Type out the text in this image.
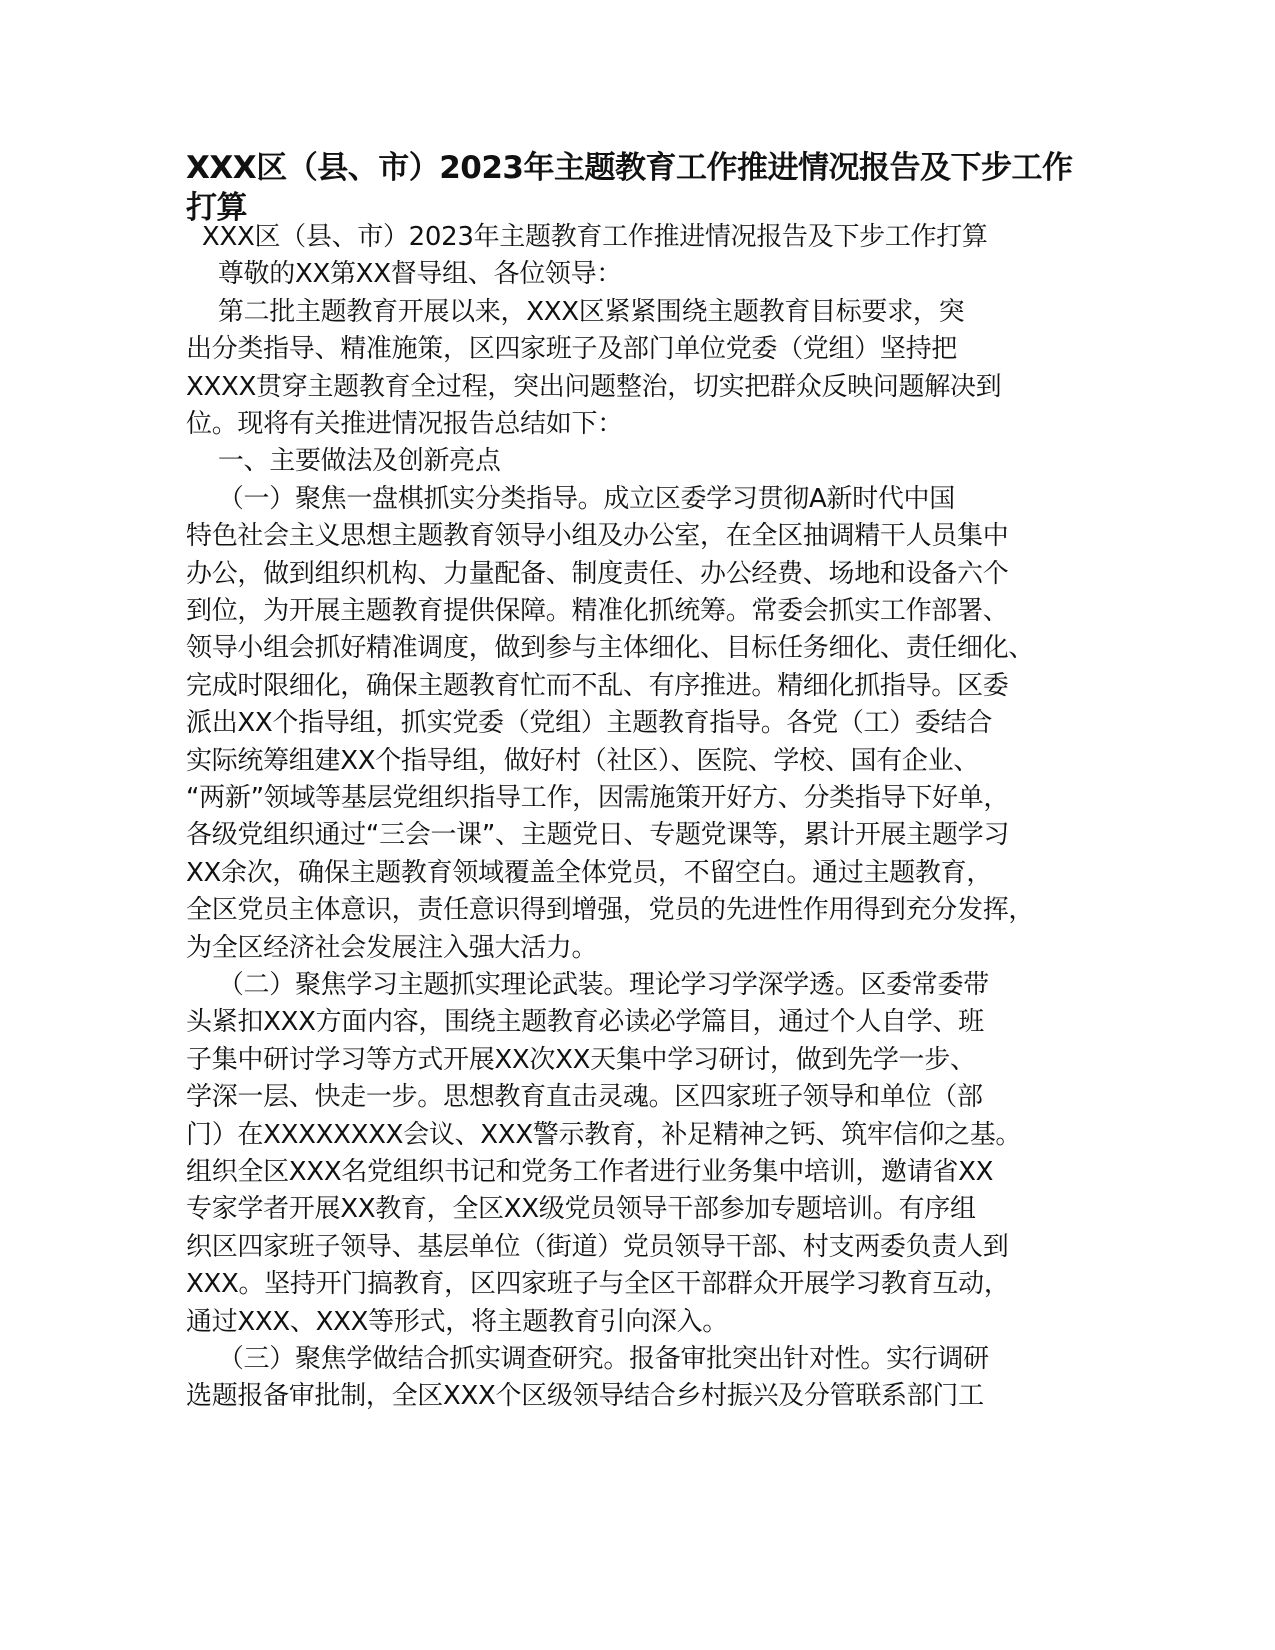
XXX区（县、市）2023年主题教育工作推进情况报告及下步工作打算

XXX区（县、市）2023年主题教育工作推进情况报告及下步工作打算

尊敬的XX第XX督导组、各位领导：

第二批主题教育开展以来，XXX区紧紧围绕主题教育目标要求，突

出分类指导、精准施策，区四家班子及部门单位党委（党组）坚持把

XXXX贯穿主题教育全过程，突出问题整治，切实把群众反映问题解决到

位。现将有关推进情况报告总结如下：

一、主要做法及创新亮点

（一）聚焦一盘棋抓实分类指导。成立区委学习贯彻A新时代中国

特色社会主义思想主题教育领导小组及办公室，在全区抽调精干人员集中

办公，做到组织机构、力量配备、制度责任、办公经费、场地和设备六个

到位，为开展主题教育提供保障。精准化抓统筹。常委会抓实工作部署、

领导小组会抓好精准调度，做到参与主体细化、目标任务细化、责任细化、

完成时限细化，确保主题教育忙而不乱、有序推进。精细化抓指导。区委

派出XX个指导组，抓实党委（党组）主题教育指导。各党（工）委结合

实际统筹组建XX个指导组，做好村（社区）、医院、学校、国有企业、

“两新”领域等基层党组织指导工作，因需施策开好方、分类指导下好单，

各级党组织通过“三会一课”、主题党日、专题党课等，累计开展主题学习

XX余次，确保主题教育领域覆盖全体党员，不留空白。通过主题教育，

全区党员主体意识，责任意识得到增强，党员的先进性作用得到充分发挥，

为全区经济社会发展注入强大活力。

（二）聚焦学习主题抓实理论武装。理论学习学深学透。区委常委带

头紧扣XXX方面内容，围绕主题教育必读必学篇目，通过个人自学、班

子集中研讨学习等方式开展XX次XX天集中学习研讨，做到先学一步、

学深一层、快走一步。思想教育直击灵魂。区四家班子领导和单位（部

门）在XXXXXXXX会议、XXX警示教育，补足精神之钙、筑牢信仰之基。

组织全区XXX名党组织书记和党务工作者进行业务集中培训，邀请省XX

专家学者开展XX教育，全区XX级党员领导干部参加专题培训。有序组

织区四家班子领导、基层单位（街道）党员领导干部、村支两委负责人到

XXX。坚持开门搞教育，区四家班子与全区干部群众开展学习教育互动，

通过XXX、XXX等形式，将主题教育引向深入。

（三）聚焦学做结合抓实调查研究。报备审批突出针对性。实行调研

选题报备审批制，全区XXX个区级领导结合乡村振兴及分管联系部门工
